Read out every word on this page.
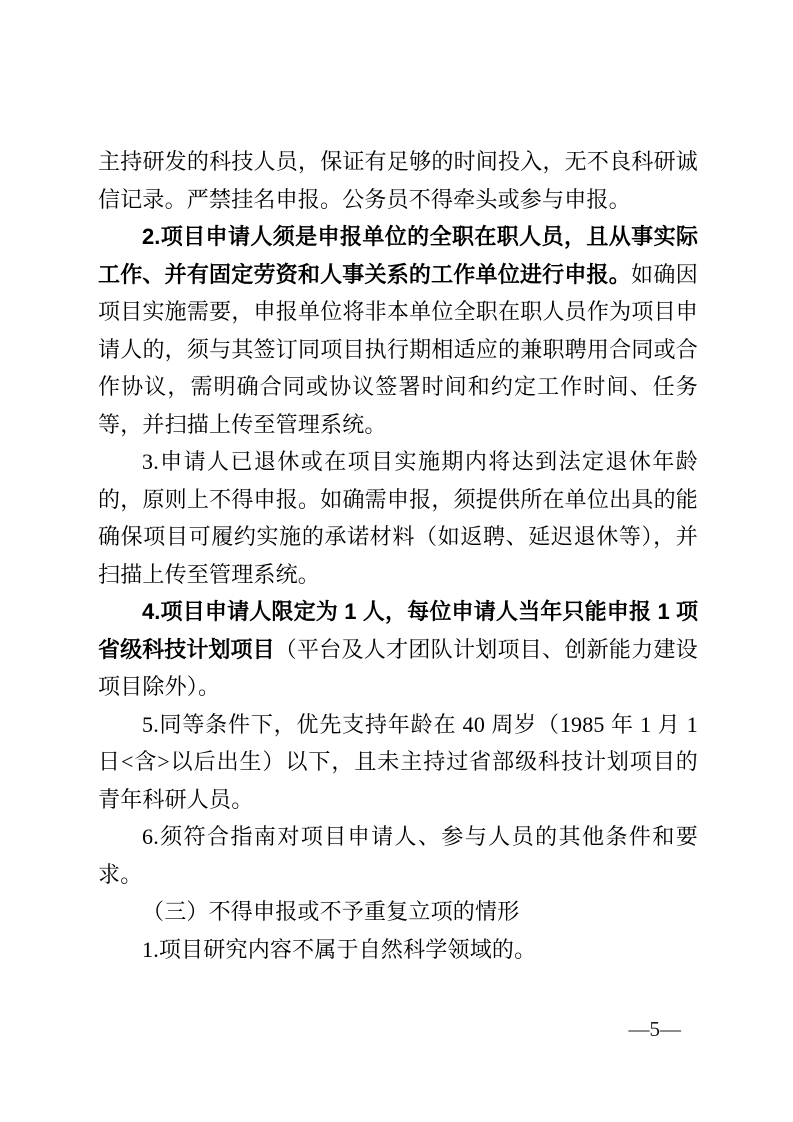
主持研发的科技人员，保证有足够的时间投入，无不良科研诚信记录。严禁挂名申报。公务员不得牵头或参与申报。

2.项目申请人须是申报单位的全职在职人员，且从事实际工作、并有固定劳资和人事关系的工作单位进行申报。如确因项目实施需要，申报单位将非本单位全职在职人员作为项目申请人的，须与其签订同项目执行期相适应的兼职聘用合同或合作协议，需明确合同或协议签署时间和约定工作时间、任务等，并扫描上传至管理系统。

3.申请人已退休或在项目实施期内将达到法定退休年龄的，原则上不得申报。如确需申报，须提供所在单位出具的能确保项目可履约实施的承诺材料（如返聘、延迟退休等），并扫描上传至管理系统。

4.项目申请人限定为 1 人，每位申请人当年只能申报 1 项省级科技计划项目（平台及人才团队计划项目、创新能力建设项目除外）。

5.同等条件下，优先支持年龄在 40 周岁（1985 年 1 月 1 日<含>以后出生）以下，且未主持过省部级科技计划项目的青年科研人员。

6.须符合指南对项目申请人、参与人员的其他条件和要求。

（三）不得申报或不予重复立项的情形

1.项目研究内容不属于自然科学领域的。

—5—
